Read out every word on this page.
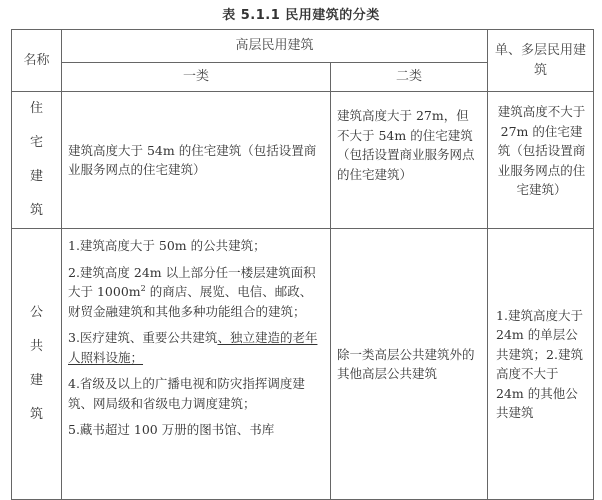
表 5.1.1 民用建筑的分类
名称	高层民用建筑		单、多层民用建筑
	一类	二类	
住宅建筑	建筑高度大于 54m 的住宅建筑（包括设置商业服务网点的住宅建筑）	建筑高度大于 27m，但不大于 54m 的住宅建筑（包括设置商业服务网点的住宅建筑）	建筑高度不大于 27m 的住宅建筑（包括设置商业服务网点的住宅建筑）
公共建筑	1.建筑高度大于 50m 的公共建筑；
2.建筑高度 24m 以上部分任一楼层建筑面积大于 $1000m^2$ 的商店、展览、电信、邮政、财贸金融建筑和其他多种功能组合的建筑；
3.医疗建筑、重要公共建筑、独立建造的老年人照料设施；
4.省级及以上的广播电视和防灾指挥调度建筑、网局级和省级电力调度建筑；
5.藏书超过 100 万册的图书馆、书库	除一类高层公共建筑外的其他高层公共建筑	1.建筑高度大于 24m 的单层公共建筑；2.建筑高度不大于 24m 的其他公共建筑
